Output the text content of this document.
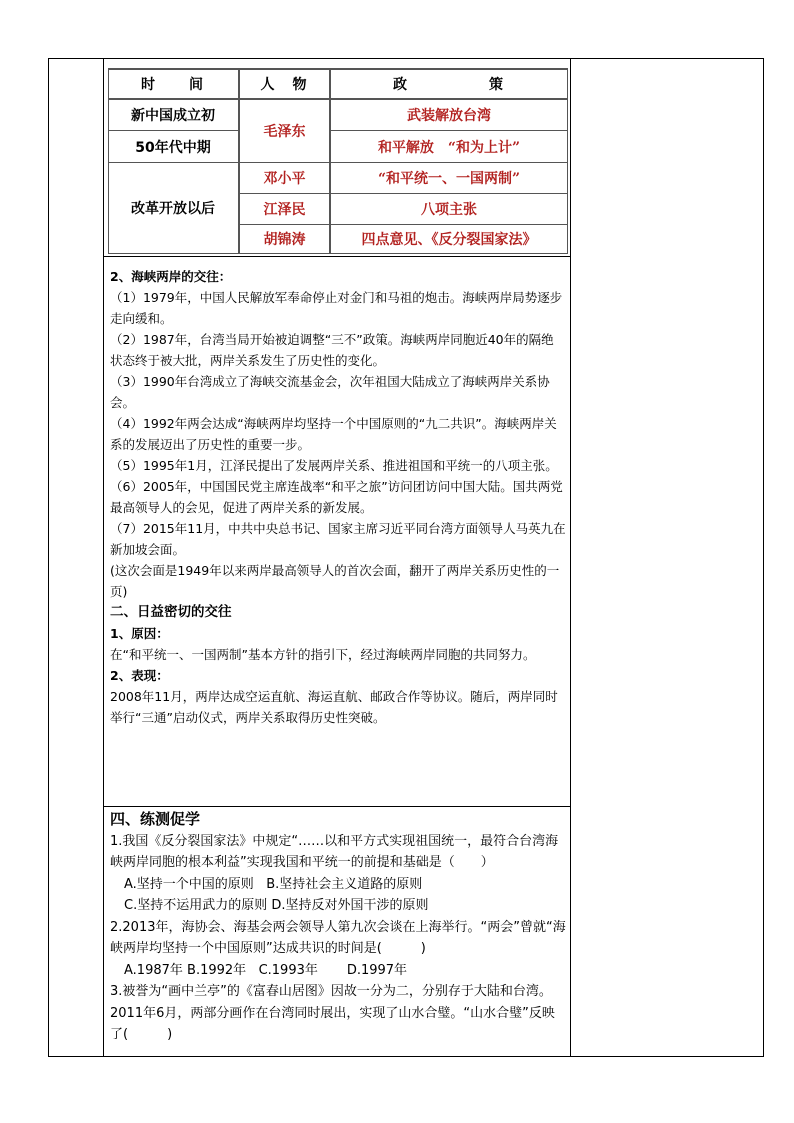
时　　间	人　物	政　　　　　策
新中国成立初
50年代中期
改革开放以后
毛泽东
邓小平
江泽民
胡锦涛
武装解放台湾
和平解放　“和为上计”
“和平统一、一国两制”
八项主张
四点意见、《反分裂国家法》

2、海峡两岸的交往：

（1）1979年，中国人民解放军奉命停止对金门和马祖的炮击。海峡两岸局势逐步走向缓和。

（2）1987年，台湾当局开始被迫调整“三不”政策。海峡两岸同胞近40年的隔绝状态终于被大批，两岸关系发生了历史性的变化。

（3）1990年台湾成立了海峡交流基金会，次年祖国大陆成立了海峡两岸关系协会。

（4）1992年两会达成“海峡两岸均坚持一个中国原则的“九二共识”。海峡两岸关系的发展迈出了历史性的重要一步。

（5）1995年1月，江泽民提出了发展两岸关系、推进祖国和平统一的八项主张。

（6）2005年，中国国民党主席连战率“和平之旅”访问团访问中国大陆。国共两党最高领导人的会见，促进了两岸关系的新发展。

（7）2015年11月，中共中央总书记、国家主席习近平同台湾方面领导人马英九在新加坡会面。

(这次会面是1949年以来两岸最高领导人的首次会面，翻开了两岸关系历史性的一页)

二、日益密切的交往

1、原因：

在“和平统一、一国两制”基本方针的指引下，经过海峡两岸同胞的共同努力。

2、表现：

2008年11月，两岸达成空运直航、海运直航、邮政合作等协议。随后，两岸同时举行“三通”启动仪式，两岸关系取得历史性突破。

四、练测促学

1.我国《反分裂国家法》中规定“……以和平方式实现祖国统一，最符合台湾海峡两岸同胞的根本利益”实现我国和平统一的前提和基础是（　　）

A.坚持一个中国的原则 B.坚持社会主义道路的原则

C.坚持不运用武力的原则 D.坚持反对外国干涉的原则

2.2013年，海协会、海基会两会领导人第九次会谈在上海举行。“两会”曾就“海峡两岸均坚持一个中国原则”达成共识的时间是(　　　)

A.1987年 B.1992年 C.1993年 D.1997年

3.被誉为“画中兰亭”的《富春山居图》因故一分为二，分别存于大陆和台湾。2011年6月，两部分画作在台湾同时展出，实现了山水合璧。“山水合璧”反映了(　　　)
